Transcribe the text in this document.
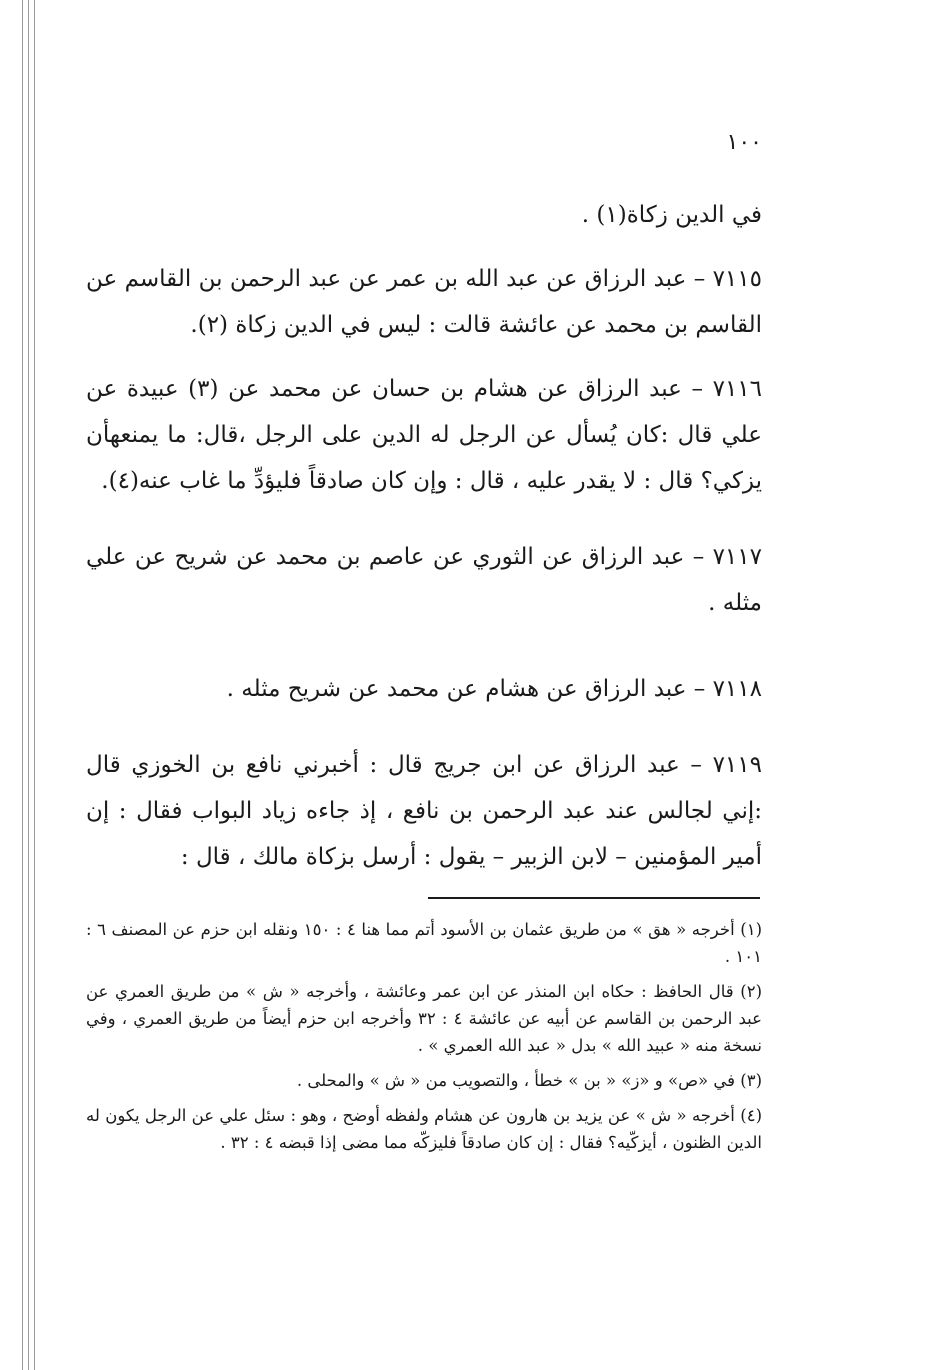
١٠٠

في الدين زكاة(١) .

٧١١٥ – عبد الرزاق عن عبد الله بن عمر عن عبد الرحمن بن القاسم عن القاسم بن محمد عن عائشة قالت : ليس في الدين زكاة (٢).

٧١١٦ – عبد الرزاق عن هشام بن حسان عن محمد عن (٣) عبيدة عن علي قال :كان يُسأل عن الرجل له الدين على الرجل ،قال: ما يمنعهأن يزكي؟ قال : لا يقدر عليه ، قال : وإن كان صادقاً فليؤدِّ ما غاب عنه(٤).

٧١١٧ – عبد الرزاق عن الثوري عن عاصم بن محمد عن شريح عن علي مثله .

٧١١٨ – عبد الرزاق عن هشام عن محمد عن شريح مثله .

٧١١٩ – عبد الرزاق عن ابن جريج قال : أخبرني نافع بن الخوزي قال :إني لجالس عند عبد الرحمن بن نافع ، إذ جاءه زياد البواب فقال : إن أمير المؤمنين – لابن الزبير – يقول : أرسل بزكاة مالك ، قال :

(١) أخرجه « هق » من طريق عثمان بن الأسود أتم مما هنا ٤ : ١٥٠ ونقله ابن حزم عن المصنف ٦ : ١٠١ .

(٢) قال الحافظ : حكاه ابن المنذر عن ابن عمر وعائشة ، وأخرجه « ش » من طريق العمري عن عبد الرحمن بن القاسم عن أبيه عن عائشة ٤ : ٣٢ وأخرجه ابن حزم أيضاً من طريق العمري ، وفي نسخة منه « عبيد الله » بدل « عبد الله العمري » .

(٣) في «ص» و «ز» « بن » خطأ ، والتصويب من « ش » والمحلى .

(٤) أخرجه « ش » عن يزيد بن هارون عن هشام ولفظه أوضح ، وهو : سئل علي عن الرجل يكون له الدين الظنون ، أيزكّيه؟ فقال : إن كان صادقاً فليزكّه مما مضى إذا قبضه ٤ : ٣٢ .
